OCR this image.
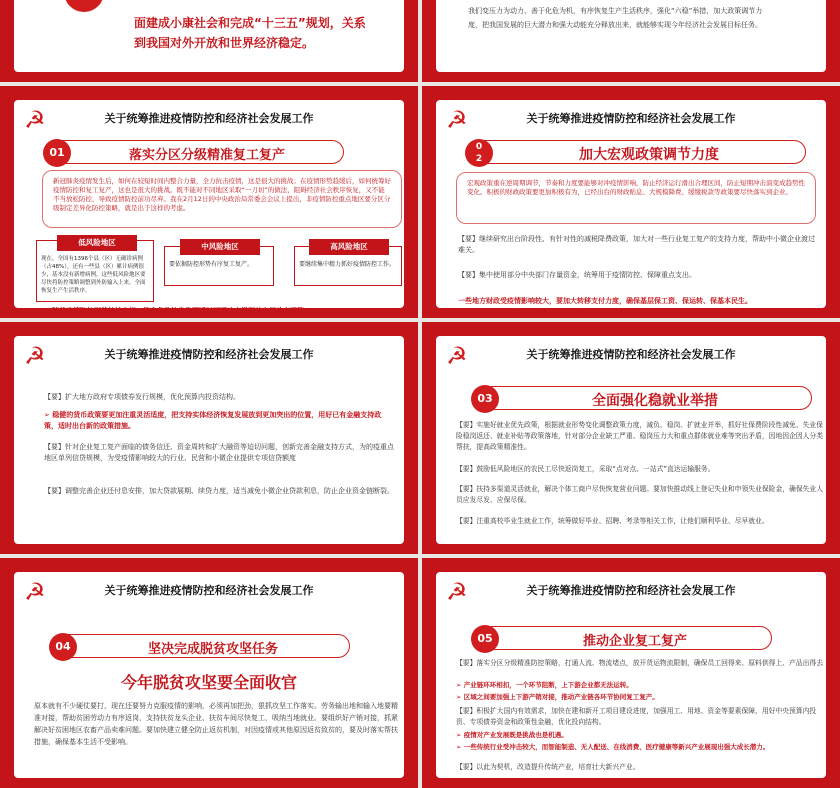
面建成小康社会和完成“十三五”规划，关系
到我国对外开放和世界经济稳定。
我们变压力为动力、善于化危为机，有序恢复生产生活秩序，强化“六稳”举措，加大政策调节力
度，把我国发展的巨大潜力和强大动能充分释放出来，就能够实现今年经济社会发展目标任务。
☭	关于统筹推进疫情防控和经济社会发展工作
01	落实分区分级精准复工复产
新冠肺炎疫情发生后，如何在较短时间内整合力量，全力抗击疫情，这是很大的挑战；在疫情形势趋缓后，如何统筹好疫情防控和复工复产，这也是很大的挑战。既不能对不同地区采取“一刀切”的做法，阻碍经济社会秩序恢复，又不能不当放松防控，导致疫情防控前功尽弃。我在2月12日的中央政治局常委会会议上提出，非疫情防控重点地区要分区分级制定差异化防控策略，就是出于这样的考虑。
低风险地区
现在，全国有1396个县（区）无确诊病例（占48%），还有一些县（区）累计病例很少，基本没有新增病例，这些低风险地区要尽快将防控策略调整到外防输入上来，全面恢复生产生活秩序。
中风险地区
要依据防控形势有序复工复产。
高风险地区
要继续集中精力抓好疫情防控工作。
◆ 随着疫情防控形势持续向好，符合条件的省份要适时下调响应级别并实行动态调整。
☭	关于统筹推进疫情防控和经济社会发展工作
0
2	加大宏观政策调节力度
宏观政策重在逆周期调节，节奏和力度要能够对冲疫情影响，防止经济运行滑出合理区间，防止短期冲击演变成趋势性变化。积极的财政政策要更加积极有为，已经出台的财政贴息、大规模降费、缓缴税款等政策要尽快落实到企业。
【要】继续研究出台阶段性、有针对性的减税降费政策，加大对一些行业复工复产的支持力度，帮助中小微企业渡过难关。
【要】集中使用部分中央部门存量资金，统筹用于疫情防控、保障重点支出。
一些地方财政受疫情影响较大，要加大转移支付力度，确保基层保工资、保运转、保基本民生。
☭	关于统筹推进疫情防控和经济社会发展工作
【要】扩大地方政府专项债券发行规模，优化预算内投资结构。
➢ 稳健的货币政策要更加注重灵活适度，把支持实体经济恢复发展放到更加突出的位置，用好已有金融支持政策，适时出台新的政策措施。
【要】针对企业复工复产面临的债务信还、资金周转和扩大融资等迫切问题，创新完善金融支持方式，为的疫重点地区单列信贷规模，为受疫情影响较大的行业、民营和小微企业提供专项信贷额度
【要】调整完善企业还付息安排，加大贷款展期、续贷力度，适当减免小微企业贷款利息，防止企业资金链断裂。
☭	关于统筹推进疫情防控和经济社会发展工作
03	全面强化稳就业举措
【要】实施好就业优先政策，根据就业形势变化调整政策力度，减负、稳岗、扩就业并举，抓好社保费阶段性减免、失业保险稳岗返还、就业补贴等政策落地，针对部分企业缺工严重、稳岗压力大和重点群体就业难等突出矛盾，因地因企因人分类帮扶，提高政策精准性。
【要】鼓励低风险地区的农民工尽快返岗复工，采取“点对点、一站式”直达运输服务。
【要】扶持多渠道灵活就业，解决个体工商户尽快恢复营业问题。要加快推动线上登记失业和申领失业保险金，确保失业人员应发尽发、应保尽保。
【要】注重高校毕业生就业工作，统筹做好毕业、招聘、考录等相关工作，让他们顺利毕业、尽早就业。
☭	关于统筹推进疫情防控和经济社会发展工作
04	坚决完成脱贫攻坚任务
今年脱贫攻坚要全面收官
原本就有不少硬仗要打，现在还要努力克服疫情的影响，必须再加把劲，狠抓攻坚工作落实。劳务输出地和输入地要精准对接，帮助贫困劳动力有序返岗，支持扶贫龙头企业、扶贫车间尽快复工，吸纳当地就业。要组织好产销对接，抓紧解决好贫困地区农畜产品卖难问题。要加快建立健全防止返贫机制，对因疫情或其他原因返贫致贫的，要及时落实帮扶措施，确保基本生活不受影响。
☭	关于统筹推进疫情防控和经济社会发展工作
05	推动企业复工复产
【要】落实分区分级精准防控策略，打通人流、物流堵点，放开货运物流限制，确保员工回得来、原料供得上、产品出得去
➢ 产业链环环相扣，一个环节阻断，上下游企业都无法运转。
➢ 区域之间要加强上下游产销对接，推动产业链各环节协同复工复产。
【要】积极扩大国内有效需求，加快在建和新开工项目建设进度，加强用工、用地、资金等要素保障，用好中央预算内投资、专项债券资金和政策性金融，优化投向结构。
➢ 疫情对产业发展既是挑战也是机遇。
➢ 一些传统行业受冲击较大，而智能制造、无人配送、在线消费、医疗健康等新兴产业展现出强大成长潜力。
【要】以此为契机，改造提升传统产业，培育壮大新兴产业。
